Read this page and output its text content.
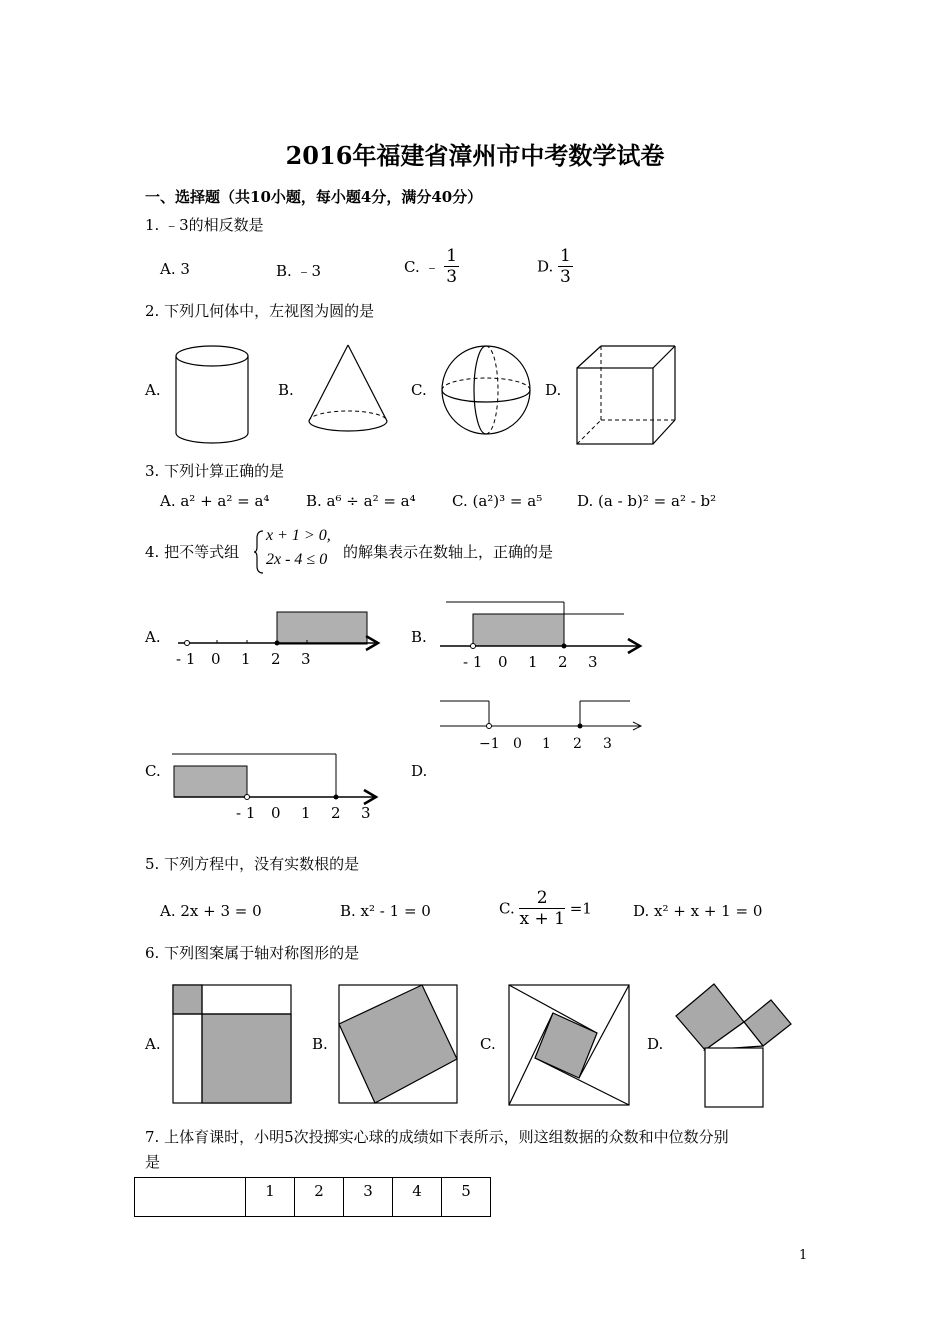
2016年福建省漳州市中考数学试卷
一、选择题（共10小题，每小题4分，满分40分）
1. ﹣3的相反数是
A. 3	B. ﹣3	C. ﹣ $\frac{1}{3}$	D. $\frac{1}{3}$
2. 下列几何体中，左视图为圆的是
A.	B.	C.	D.
3. 下列计算正确的是
A. a² + a² = a⁴ B. a⁶ ÷ a² = a⁴ C. (a²)³ = a⁵ D. (a - b)² = a² - b²
4. 把不等式组
x + 1 > 0,
2x - 4 ≤ 0 的解集表示在数轴上，正确的是
A.	B.
C.	D.
- 1 0 1 2 3	- 1 0 1 2 3
−1 0 1 2 3
- 1 0 1 2 3
5. 下列方程中，没有实数根的是
A. 2x + 3 = 0	B. x² - 1 = 0	C. $\frac{2}{x + 1} =1$	D. x² + x + 1 = 0
6. 下列图案属于轴对称图形的是
A.	B.	C.	D.
7. 上体育课时，小明5次投掷实心球的成绩如下表所示，则这组数据的众数和中位数分别
是
	1	2	3	4	5
1
